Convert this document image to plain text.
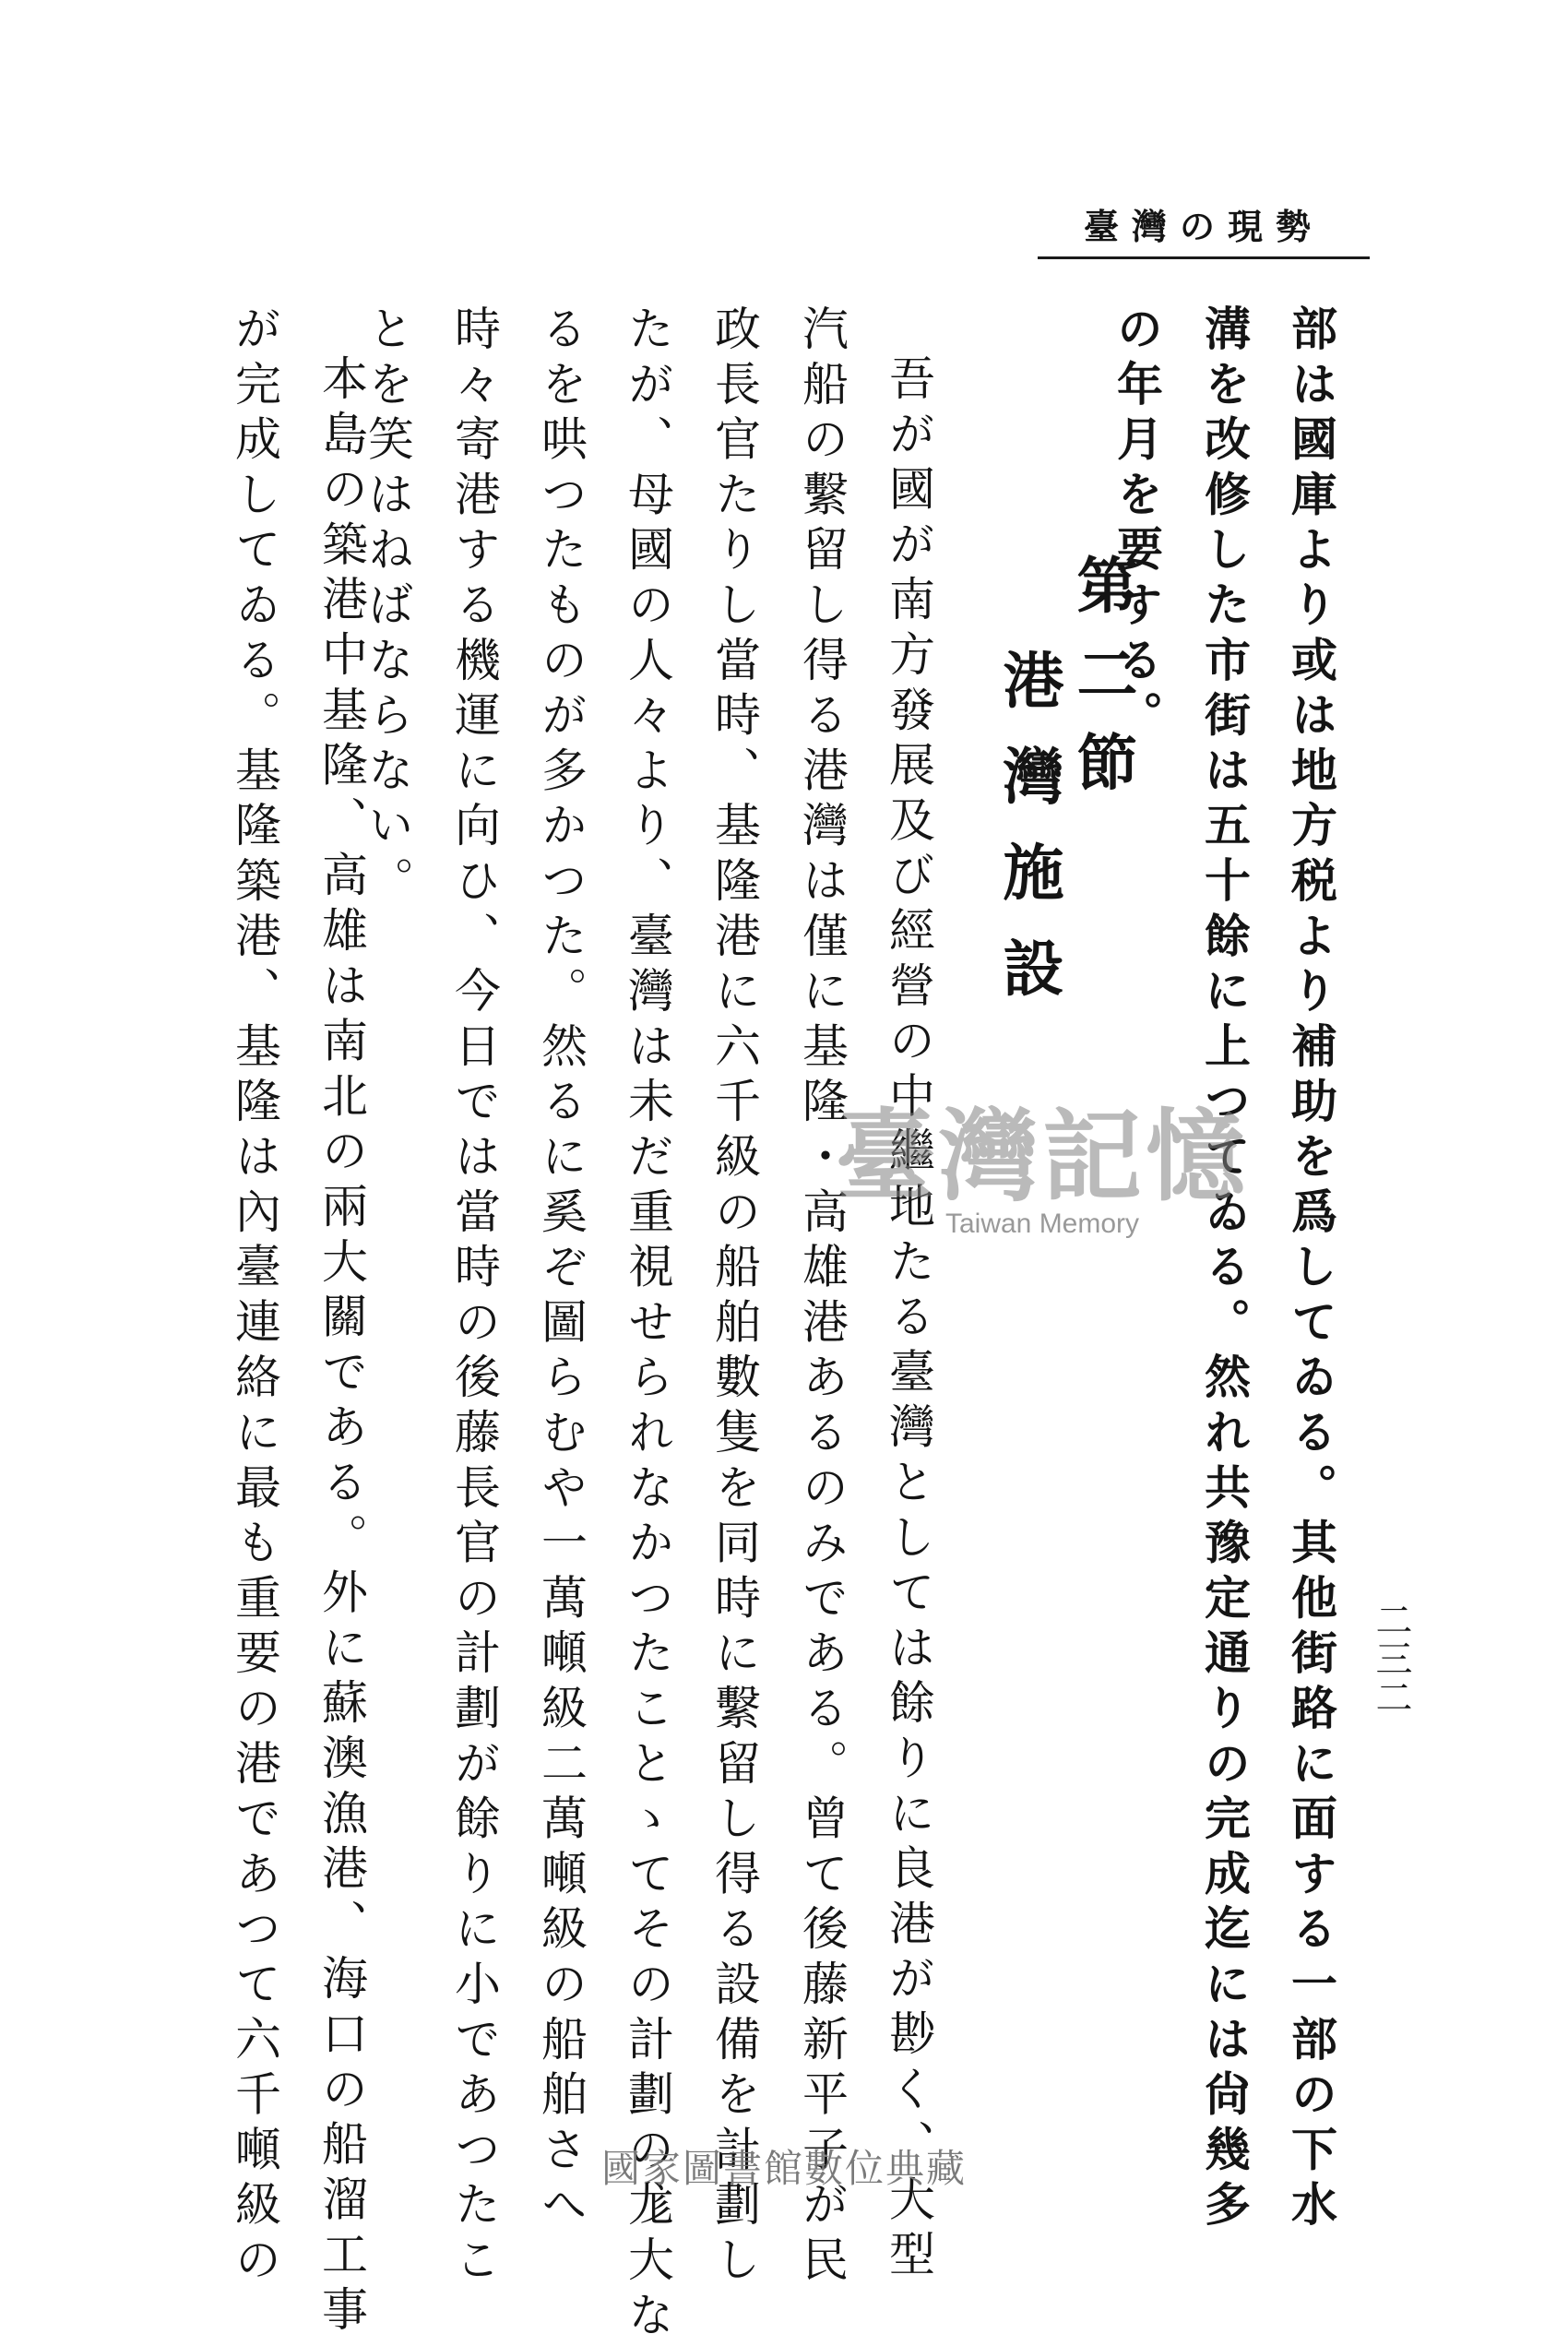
臺灣の現勢
二三二
部は國庫より或は地方税より補助を爲してゐる。其他街路に面する一部の下水
溝を改修した市街は五十餘に上つてゐる。然れ共豫定通りの完成迄には尙幾多
の年月を要する。
第二節
港灣施設
吾が國が南方發展及び經營の中繼地たる臺灣としては餘りに良港が尠く、大型
汽船の繫留し得る港灣は僅に基隆・高雄港あるのみである。曾て後藤新平子が民
政長官たりし當時、基隆港に六千級の船舶數隻を同時に繫留し得る設備を計劃し
たが、母國の人々より、臺灣は未だ重視せられなかつたことゝてその計劃の尨大な
るを哄つたものが多かつた。然るに奚ぞ圖らむや一萬噸級二萬噸級の船舶さへ
時々寄港する機運に向ひ、今日では當時の後藤長官の計劃が餘りに小であつたこ
とを笑はねばならない。
本島の築港中基隆、高雄は南北の兩大關である。外に蘇澳漁港、海口の船溜工事
が完成してゐる。基隆築港、基隆は內臺連絡に最も重要の港であつて六千噸級の	臺灣記憶
Taiwan Memory
國家圖書館數位典藏
